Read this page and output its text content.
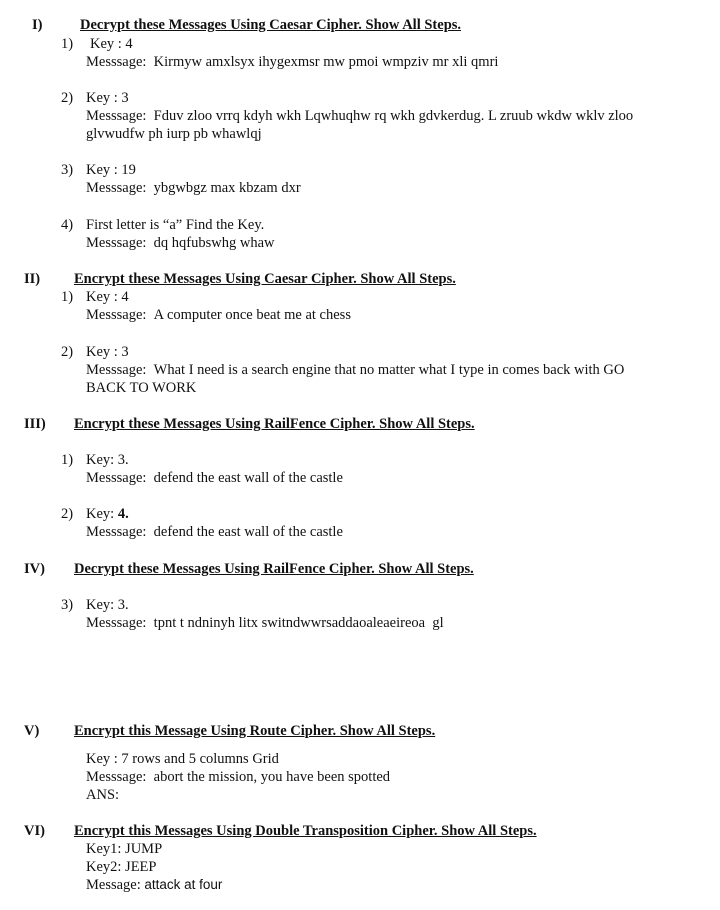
I)	Decrypt these Messages Using Caesar Cipher. Show All Steps.
1) Key : 4
Messsage: Kirmyw amxlsyx ihygexmsr mw pmoi wmpziv mr xli qmri
2) Key : 3
Messsage: Fduv zloo vrrq kdyh wkh Lqwhuqhw rq wkh gdvkerdug. L zruub wkdw wklv zloo
glvwudfw ph iurp pb whawlqj
3) Key : 19
Messsage: ybgwbgz max kbzam dxr
4) First letter is “a” Find the Key.
Messsage: dq hqfubswhg whaw
II) Encrypt these Messages Using Caesar Cipher. Show All Steps.
1) Key : 4
Messsage: A computer once beat me at chess
2) Key : 3
Messsage: What I need is a search engine that no matter what I type in comes back with GO
BACK TO WORK
III) Encrypt these Messages Using RailFence Cipher. Show All Steps.
1) Key: 3.
Messsage: defend the east wall of the castle
2) Key: 4.
Messsage: defend the east wall of the castle
IV) Decrypt these Messages Using RailFence Cipher. Show All Steps.
3) Key: 3.
Messsage: tpnt t ndninyh litx switndwwrsaddaoaleaeireoa  gl
V) Encrypt this Message Using Route Cipher. Show All Steps.
Key : 7 rows and 5 columns Grid
Messsage: abort the mission, you have been spotted
ANS:
VI) Encrypt this Messages Using Double Transposition Cipher. Show All Steps.
Key1: JUMP
Key2: JEEP
Message: attack at four
